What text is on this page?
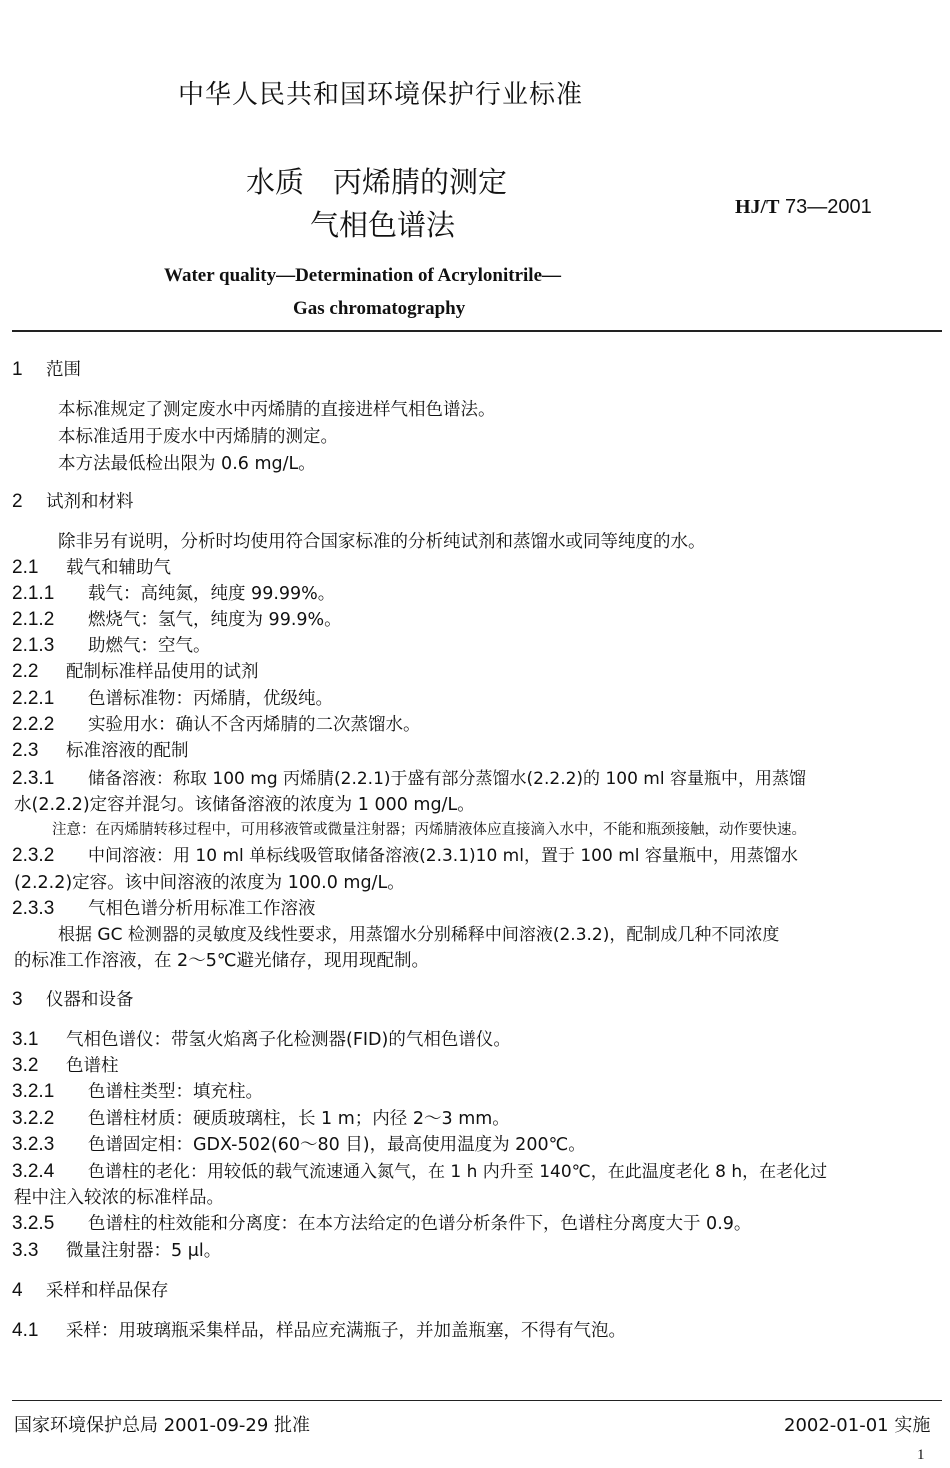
中华人民共和国环境保护行业标准
水质　丙烯腈的测定
气相色谱法
HJ/T 73—2001
Water quality—Determination of Acrylonitrile—
Gas chromatography
1 范围
本标准规定了测定废水中丙烯腈的直接进样气相色谱法。
本标准适用于废水中丙烯腈的测定。
本方法最低检出限为 0.6 mg/L。
2 试剂和材料
除非另有说明，分析时均使用符合国家标准的分析纯试剂和蒸馏水或同等纯度的水。
2.1 载气和辅助气
2.1.1 载气：高纯氮，纯度 99.99%。
2.1.2 燃烧气：氢气，纯度为 99.9%。
2.1.3 助燃气：空气。
2.2 配制标准样品使用的试剂
2.2.1 色谱标准物：丙烯腈，优级纯。
2.2.2 实验用水：确认不含丙烯腈的二次蒸馏水。
2.3 标准溶液的配制
2.3.1 储备溶液：称取 100 mg 丙烯腈(2.2.1)于盛有部分蒸馏水(2.2.2)的 100 ml 容量瓶中，用蒸馏
水(2.2.2)定容并混匀。该储备溶液的浓度为 1 000 mg/L。
注意：在丙烯腈转移过程中，可用移液管或微量注射器；丙烯腈液体应直接滴入水中，不能和瓶颈接触，动作要快速。
2.3.2 中间溶液：用 10 ml 单标线吸管取储备溶液(2.3.1)10 ml，置于 100 ml 容量瓶中，用蒸馏水
(2.2.2)定容。该中间溶液的浓度为 100.0 mg/L。
2.3.3 气相色谱分析用标准工作溶液
根据 GC 检测器的灵敏度及线性要求，用蒸馏水分别稀释中间溶液(2.3.2)，配制成几种不同浓度
的标准工作溶液，在 2～5℃避光储存，现用现配制。
3 仪器和设备
3.1 气相色谱仪：带氢火焰离子化检测器(FID)的气相色谱仪。
3.2 色谱柱
3.2.1 色谱柱类型：填充柱。
3.2.2 色谱柱材质：硬质玻璃柱，长 1 m；内径 2～3 mm。
3.2.3 色谱固定相：GDX-502(60～80 目)，最高使用温度为 200℃。
3.2.4 色谱柱的老化：用较低的载气流速通入氮气，在 1 h 内升至 140℃，在此温度老化 8 h，在老化过
程中注入较浓的标准样品。
3.2.5 色谱柱的柱效能和分离度：在本方法给定的色谱分析条件下，色谱柱分离度大于 0.9。
3.3 微量注射器：5 μl。
4 采样和样品保存
4.1 采样：用玻璃瓶采集样品，样品应充满瓶子，并加盖瓶塞，不得有气泡。
国家环境保护总局 2001-09-29 批准	2002-01-01 实施
1
